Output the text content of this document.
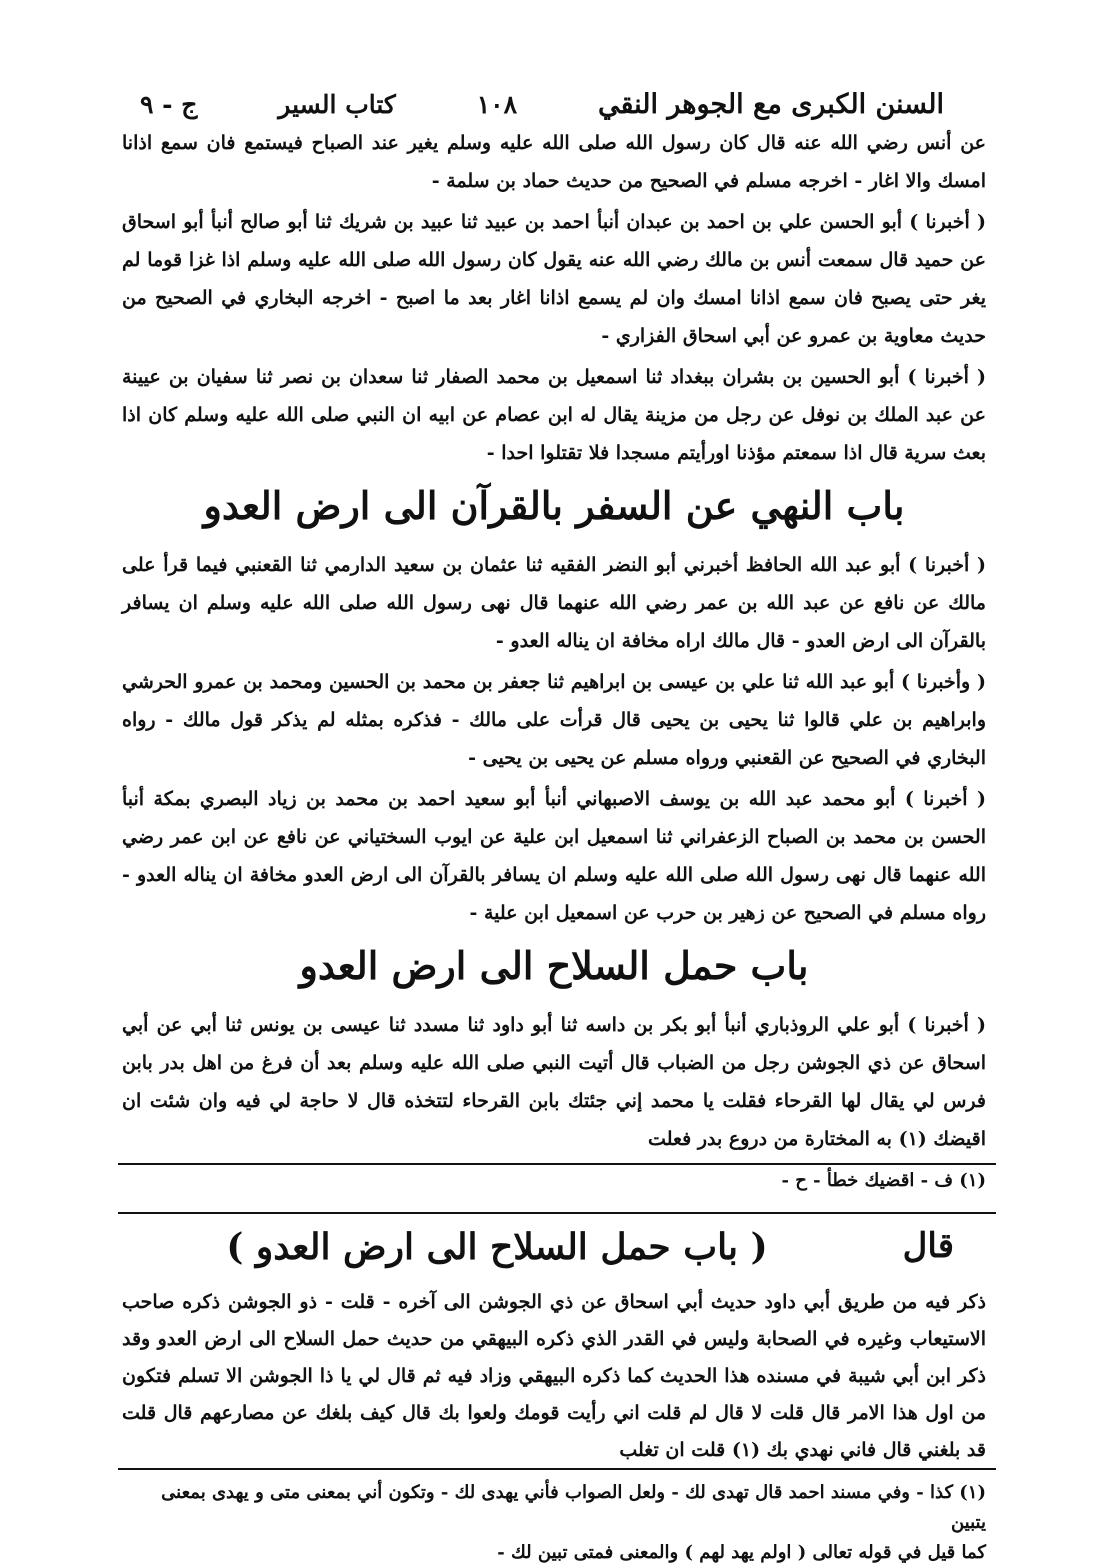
السنن الكبرى مع الجوهر النقي
١٠٨
كتاب السير
ج - ٩

عن أنس رضي الله عنه قال كان رسول الله صلى الله عليه وسلم يغير عند الصباح فيستمع فان سمع اذانا امسك والا اغار - اخرجه مسلم في الصحيح من حديث حماد بن سلمة -

( أخبرنا ) أبو الحسن علي بن احمد بن عبدان أنبأ احمد بن عبيد ثنا عبيد بن شريك ثنا أبو صالح أنبأ أبو اسحاق عن حميد قال سمعت أنس بن مالك رضي الله عنه يقول كان رسول الله صلى الله عليه وسلم اذا غزا قوما لم يغر حتى يصبح فان سمع اذانا امسك وان لم يسمع اذانا اغار بعد ما اصبح - اخرجه البخاري في الصحيح من حديث معاوية بن عمرو عن أبي اسحاق الفزاري -

( أخبرنا ) أبو الحسين بن بشران ببغداد ثنا اسمعيل بن محمد الصفار ثنا سعدان بن نصر ثنا سفيان بن عيينة عن عبد الملك بن نوفل عن رجل من مزينة يقال له ابن عصام عن ابيه ان النبي صلى الله عليه وسلم كان اذا بعث سرية قال اذا سمعتم مؤذنا اورأيتم مسجدا فلا تقتلوا احدا -

باب النهي عن السفر بالقرآن الى ارض العدو

( أخبرنا ) أبو عبد الله الحافظ أخبرني أبو النضر الفقيه ثنا عثمان بن سعيد الدارمي ثنا القعنبي فيما قرأ على مالك عن نافع عن عبد الله بن عمر رضي الله عنهما قال نهى رسول الله صلى الله عليه وسلم ان يسافر بالقرآن الى ارض العدو - قال مالك اراه مخافة ان يناله العدو -

( وأخبرنا ) أبو عبد الله ثنا علي بن عيسى بن ابراهيم ثنا جعفر بن محمد بن الحسين ومحمد بن عمرو الحرشي وابراهيم بن علي قالوا ثنا يحيى بن يحيى قال قرأت على مالك - فذكره بمثله لم يذكر قول مالك - رواه البخاري في الصحيح عن القعنبي ورواه مسلم عن يحيى بن يحيى -

( أخبرنا ) أبو محمد عبد الله بن يوسف الاصبهاني أنبأ أبو سعيد احمد بن محمد بن زياد البصري بمكة أنبأ الحسن بن محمد بن الصباح الزعفراني ثنا اسمعيل ابن علية عن ايوب السختياني عن نافع عن ابن عمر رضي الله عنهما قال نهى رسول الله صلى الله عليه وسلم ان يسافر بالقرآن الى ارض العدو مخافة ان يناله العدو - رواه مسلم في الصحيح عن زهير بن حرب عن اسمعيل ابن علية -

باب حمل السلاح الى ارض العدو

( أخبرنا ) أبو علي الروذباري أنبأ أبو بكر بن داسه ثنا أبو داود ثنا مسدد ثنا عيسى بن يونس ثنا أبي عن أبي اسحاق عن ذي الجوشن رجل من الضباب قال أتيت النبي صلى الله عليه وسلم بعد أن فرغ من اهل بدر بابن فرس لي يقال لها القرحاء فقلت يا محمد إني جئتك بابن القرحاء لتتخذه قال لا حاجة لي فيه وان شئت ان اقيضك (١) به المختارة من دروع بدر فعلت

(١) ف - اقضيك خطأ - ح -
قال
( باب حمل السلاح الى ارض العدو )

ذكر فيه من طريق أبي داود حديث أبي اسحاق عن ذي الجوشن الى آخره - قلت - ذو الجوشن ذكره صاحب الاستيعاب وغيره في الصحابة وليس في القدر الذي ذكره البيهقي من حديث حمل السلاح الى ارض العدو وقد ذكر ابن أبي شيبة في مسنده هذا الحديث كما ذكره البيهقي وزاد فيه ثم قال لي يا ذا الجوشن الا تسلم فتكون من اول هذا الامر قال قلت لا قال لم قلت اني رأيت قومك ولعوا بك قال كيف بلغك عن مصارعهم قال قلت قد بلغني قال فاني نهدي بك (١) قلت ان تغلب

(١) كذا - وفي مسند احمد قال تهدى لك - ولعل الصواب فأني يهدى لك - وتكون أني بمعنى متى و يهدى بمعنى يتبين
كما قيل في قوله تعالى ( اولم يهد لهم ) والمعنى فمتى تبين لك -
